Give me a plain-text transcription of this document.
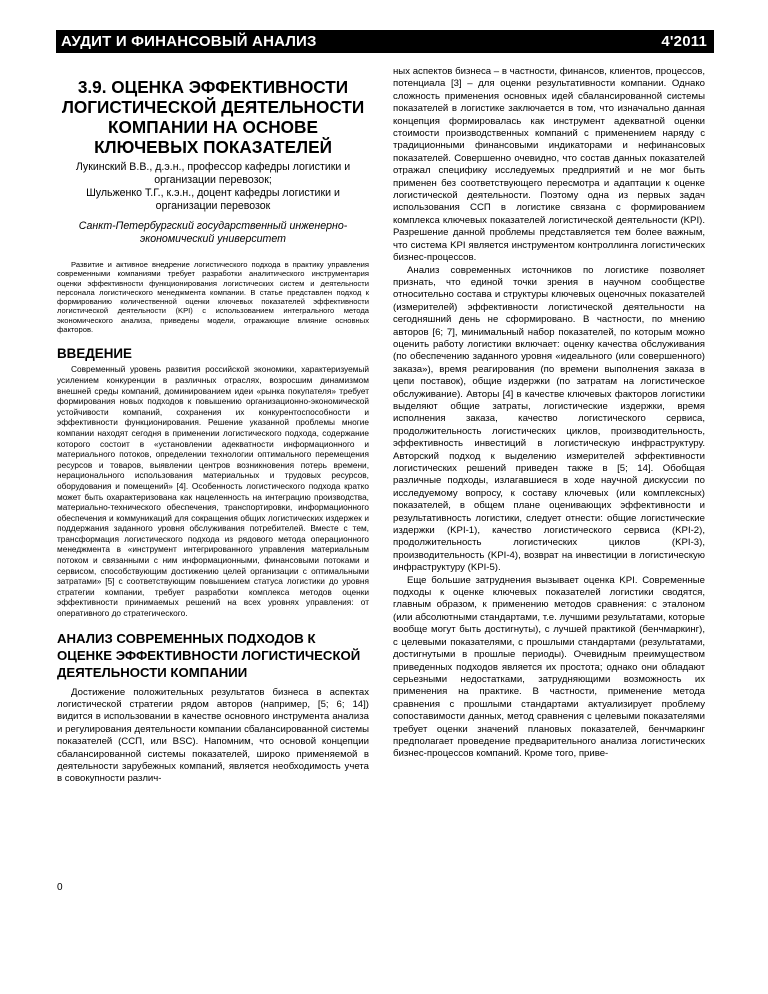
АУДИТ И ФИНАНСОВЫЙ АНАЛИЗ	4'2011
3.9. ОЦЕНКА ЭФФЕКТИВНОСТИ ЛОГИСТИЧЕСКОЙ ДЕЯТЕЛЬНОСТИ КОМПАНИИ НА ОСНОВЕ КЛЮЧЕВЫХ ПОКАЗАТЕЛЕЙ
Лукинский В.В., д.э.н., профессор кафедры логистики и организации перевозок;
Шульженко Т.Г., к.э.н., доцент кафедры логистики и организации перевозок
Санкт-Петербургский государственный инженерно-экономический университет
Развитие и активное внедрение логистического подхода в практику управления современными компаниями требует разработки аналитического инструментария оценки эффективности функционирования логистических систем и деятельности персонала логистического менеджмента компании. В статье представлен подход к формированию количественной оценки ключевых показателей эффективности логистической деятельности (KPI) с использованием интегрального метода экономического анализа, приведены модели, отражающие влияние основных факторов.
ВВЕДЕНИЕ

Современный уровень развития российской экономики, характеризуемый усилением конкуренции в различных отраслях, возросшим динамизмом внешней среды компаний, доминированием идеи «рынка покупателя» требует формирования новых подходов к повышению организационно-экономической устойчивости компаний, сохранения их конкурентоспособности и эффективности функционирования. Решение указанной проблемы многие компании находят сегодня в применении логистического подхода, содержание которого состоит в «установлении адекватности информационного и материального потоков, определении технологии оптимального перемещения ресурсов и товаров, выявлении центров возникновения потерь времени, нерационального использования материальных и трудовых ресурсов, оборудования и помещений» [4]. Особенность логистического подхода кратко может быть охарактеризована как нацеленность на интеграцию производства, материально-технического обеспечения, транспортировки, информационного обеспечения и коммуникаций для сокращения общих логистических издержек и поддержания заданного уровня обслуживания потребителей. Вместе с тем, трансформация логистического подхода из рядового метода операционного менеджмента в «инструмент интегрированного управления материальным потоком и связанными с ним информационными, финансовыми потоками и сервисом, способствующим достижению целей организации с оптимальными затратами» [5] с соответствующим повышением статуса логистики до уровня стратегии компании, требует разработки комплекса методов оценки эффективности принимаемых решений на всех уровнях управления: от оперативного до стратегического.

АНАЛИЗ СОВРЕМЕННЫХ ПОДХОДОВ К ОЦЕНКЕ ЭФФЕКТИВНОСТИ ЛОГИСТИЧЕСКОЙ ДЕЯТЕЛЬНОСТИ КОМПАНИИ

Достижение положительных результатов бизнеса в аспектах логистической стратегии рядом авторов (например, [5; 6; 14]) видится в использовании в качестве основного инструмента анализа и регулирования деятельности компании сбалансированной системы показателей (ССП, или BSC). Напомним, что основой концепции сбалансированной системы показателей, широко применяемой в деятельности зарубежных компаний, является необходимость учета в совокупности различ-

ных аспектов бизнеса – в частности, финансов, клиентов, процессов, потенциала [3] – для оценки результативности компании. Однако сложность применения основных идей сбалансированной системы показателей в логистике заключается в том, что изначально данная концепция формировалась как инструмент адекватной оценки стоимости производственных компаний с применением наряду с традиционными финансовыми индикаторами и нефинансовых показателей. Совершенно очевидно, что состав данных показателей отражал специфику исследуемых предприятий и не мог быть применен без соответствующего пересмотра и адаптации к оценке логистической деятельности. Поэтому одна из первых задач использования ССП в логистике связана с формированием комплекса ключевых показателей логистической деятельности (KPI). Разрешение данной проблемы представляется тем более важным, что система KPI является инструментом контроллинга логистических бизнес-процессов.

Анализ современных источников по логистике позволяет признать, что единой точки зрения в научном сообществе относительно состава и структуры ключевых оценочных показателей (измерителей) эффективности логистической деятельности на сегодняшний день не сформировано. В частности, по мнению авторов [6; 7], минимальный набор показателей, по которым можно оценить работу логистики включает: оценку качества обслуживания (по обеспечению заданного уровня «идеального (или совершенного) заказа»), время реагирования (по времени выполнения заказа в цепи поставок), общие издержки (по затратам на логистическое обслуживание). Авторы [4] в качестве ключевых факторов логистики выделяют общие затраты, логистические издержки, время исполнения заказа, качество логистического сервиса, продолжительность логистических циклов, производительность, эффективность инвестиций в логистическую инфраструктуру. Авторский подход к выделению измерителей эффективности логистических решений приведен также в [5; 14]. Обобщая различные подходы, излагавшиеся в ходе научной дискуссии по исследуемому вопросу, к составу ключевых (или комплексных) показателей, в общем плане оценивающих эффективности и результативность логистики, следует отнести: общие логистические издержки (KPI-1), качество логистического сервиса (KPI-2), продолжительность логистических циклов (KPI-3), производительность (KPI-4), возврат на инвестиции в логистическую инфраструктуру (KPI-5).

Еще большие затруднения вызывает оценка KPI. Современные подходы к оценке ключевых показателей логистики сводятся, главным образом, к применению методов сравнения: с эталоном (или абсолютными стандартами, т.е. лучшими результатами, которые вообще могут быть достигнуты), с лучшей практикой (бенчмаркинг), с целевыми показателями, с прошлыми стандартами (результатами, достигнутыми в прошлые периоды). Очевидным преимуществом приведенных подходов является их простота; однако они обладают серьезными недостатками, затрудняющими возможность их применения на практике. В частности, применение метода сравнения с прошлыми стандартами актуализирует проблему сопоставимости данных, метод сравнения с целевыми показателями требует оценки значений плановых показателей, бенчмаркинг предполагает проведение предварительного анализа логистических бизнес-процессов компаний. Кроме того, приве-

0
